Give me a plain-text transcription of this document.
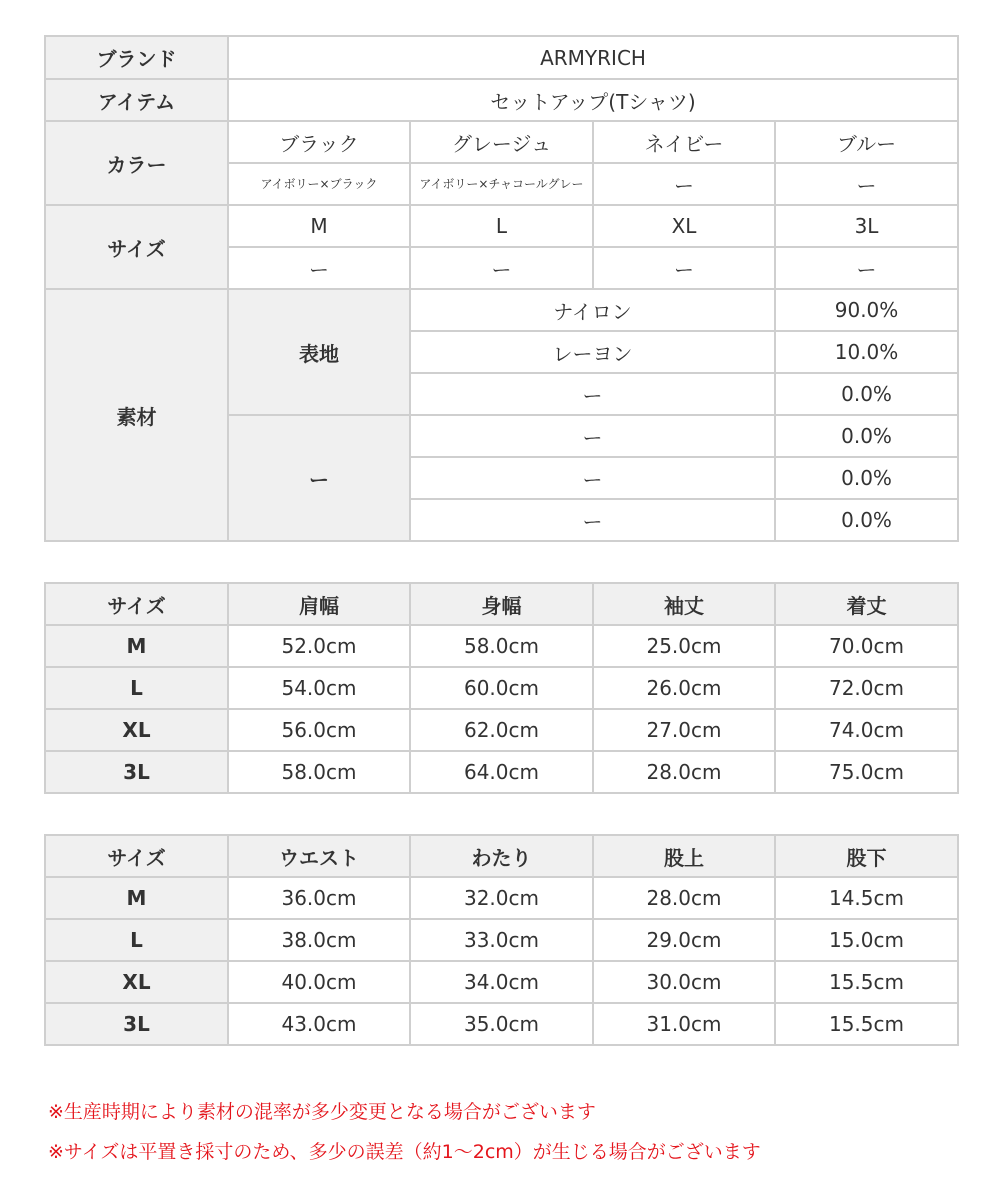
ブランド	ARMYRICH			
アイテム	セットアップ(Tシャツ)			
カラー	ブラック	グレージュ	ネイビー	ブルー
	アイボリー×ブラック	アイボリー×チャコールグレー	ー	ー
サイズ	M	L	XL	3L
	ー	ー	ー	ー
素材	表地	ナイロン		90.0%
		レーヨン		10.0%
		ー		0.0%
	ー	ー		0.0%
		ー		0.0%
		ー		0.0%
サイズ	肩幅	身幅	袖丈	着丈
M	52.0cm	58.0cm	25.0cm	70.0cm
L	54.0cm	60.0cm	26.0cm	72.0cm
XL	56.0cm	62.0cm	27.0cm	74.0cm
3L	58.0cm	64.0cm	28.0cm	75.0cm
サイズ	ウエスト	わたり	股上	股下
M	36.0cm	32.0cm	28.0cm	14.5cm
L	38.0cm	33.0cm	29.0cm	15.0cm
XL	40.0cm	34.0cm	30.0cm	15.5cm
3L	43.0cm	35.0cm	31.0cm	15.5cm
※生産時期により素材の混率が多少変更となる場合がございます
※サイズは平置き採寸のため、多少の誤差（約1～2cm）が生じる場合がございます
